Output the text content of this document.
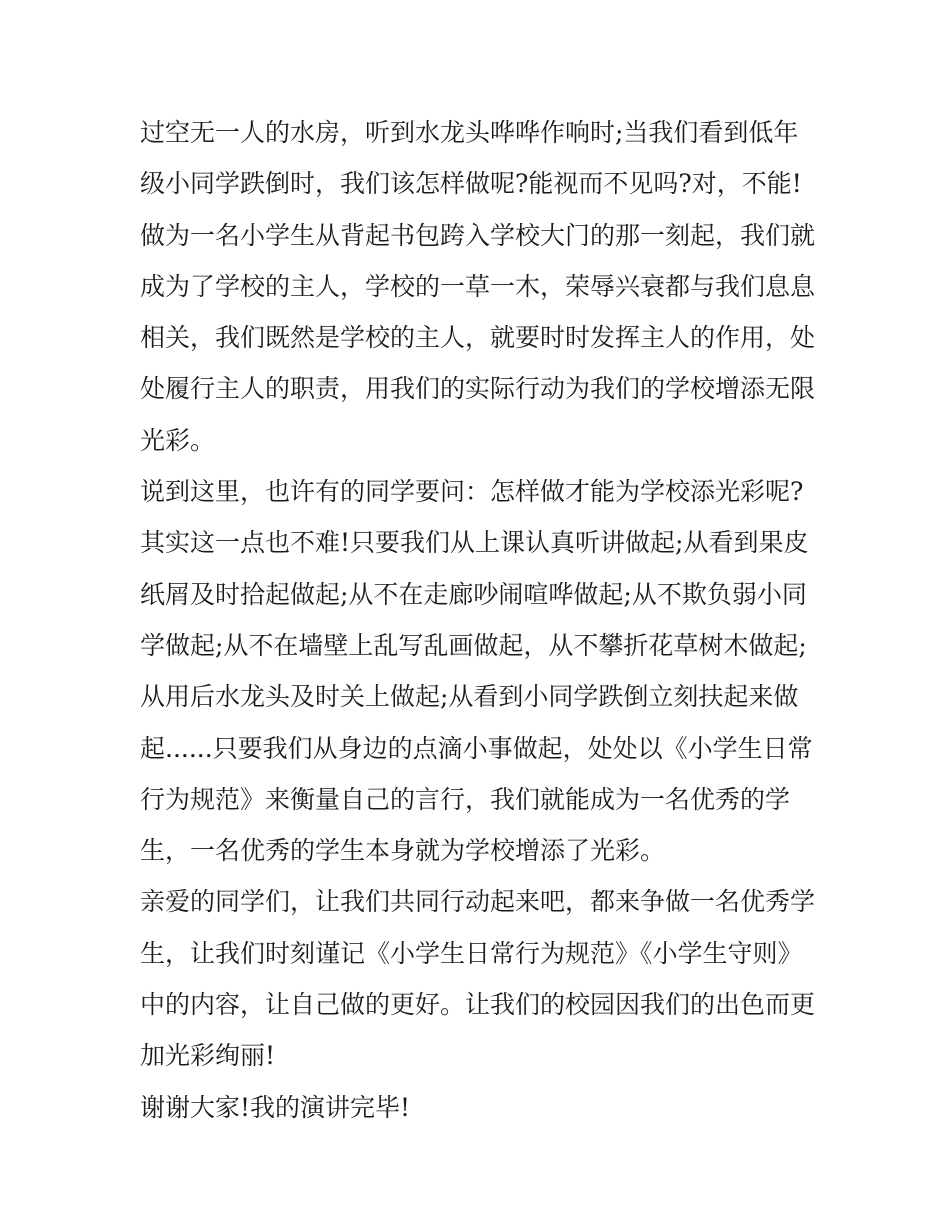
过空无一人的水房，听到水龙头哗哗作响时;当我们看到低年
级小同学跌倒时，我们该怎样做呢?能视而不见吗?对，不能!
做为一名小学生从背起书包跨入学校大门的那一刻起，我们就
成为了学校的主人，学校的一草一木，荣辱兴衰都与我们息息
相关，我们既然是学校的主人，就要时时发挥主人的作用，处
处履行主人的职责，用我们的实际行动为我们的学校增添无限
光彩。
说到这里，也许有的同学要问：怎样做才能为学校添光彩呢?
其实这一点也不难!只要我们从上课认真听讲做起;从看到果皮
纸屑及时拾起做起;从不在走廊吵闹喧哗做起;从不欺负弱小同
学做起;从不在墙壁上乱写乱画做起，从不攀折花草树木做起;
从用后水龙头及时关上做起;从看到小同学跌倒立刻扶起来做
起......只要我们从身边的点滴小事做起，处处以《小学生日常
行为规范》来衡量自己的言行，我们就能成为一名优秀的学
生，一名优秀的学生本身就为学校增添了光彩。
亲爱的同学们，让我们共同行动起来吧，都来争做一名优秀学
生，让我们时刻谨记《小学生日常行为规范》《小学生守则》
中的内容，让自己做的更好。让我们的校园因我们的出色而更
加光彩绚丽!
谢谢大家!我的演讲完毕!
